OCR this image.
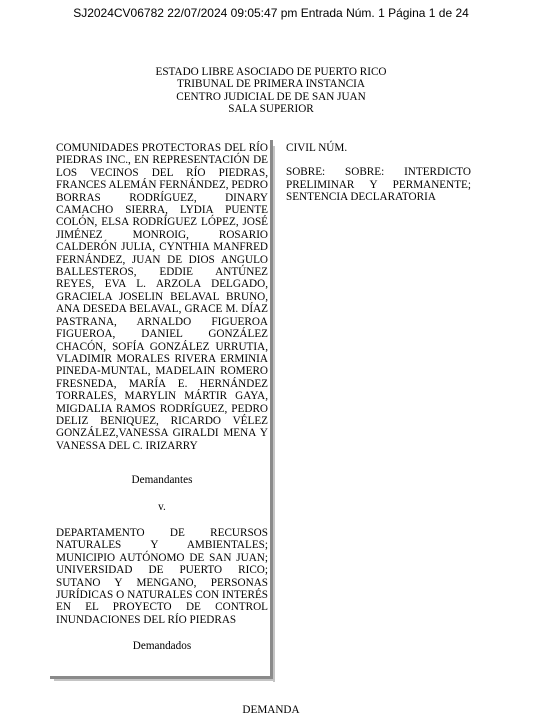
SJ2024CV06782 22/07/2024 09:05:47 pm Entrada Núm. 1 Página 1 de 24
ESTADO LIBRE ASOCIADO DE PUERTO RICO
TRIBUNAL DE PRIMERA INSTANCIA
CENTRO JUDICIAL DE DE SAN JUAN
SALA SUPERIOR

COMUNIDADES PROTECTORAS DEL RÍO PIEDRAS INC., EN REPRESENTACIÓN DE LOS VECINOS DEL RÍO PIEDRAS, FRANCES ALEMÁN FERNÁNDEZ, PEDRO BORRAS RODRÍGUEZ, DINARY CAMACHO SIERRA, LYDIA PUENTE COLÓN, ELSA RODRÍGUEZ LÓPEZ, JOSÉ JIMÉNEZ MONROIG, ROSARIO CALDERÓN JULIA, CYNTHIA MANFRED FERNÁNDEZ, JUAN DE DIOS ANGULO BALLESTEROS, EDDIE ANTÚNEZ REYES, EVA L. ARZOLA DELGADO, GRACIELA JOSELIN BELAVAL BRUNO, ANA DESEDA BELAVAL, GRACE M. DÍAZ PASTRANA, ARNALDO FIGUEROA FIGUEROA, DANIEL GONZÁLEZ CHACÓN, SOFÍA GONZÁLEZ URRUTIA, VLADIMIR MORALES RIVERA ERMINIA PINEDA-MUNTAL, MADELAIN ROMERO FRESNEDA, MARÍA E. HERNÁNDEZ TORRALES, MARYLIN MÁRTIR GAYA, MIGDALIA RAMOS RODRÍGUEZ, PEDRO DELIZ BENIQUEZ, RICARDO VÉLEZ GONZÁLEZ,VANESSA GIRALDI MENA Y VANESSA DEL C. IRIZARRY

Demandantes

v.

DEPARTAMENTO DE RECURSOS NATURALES Y AMBIENTALES; MUNICIPIO AUTÓNOMO DE SAN JUAN; UNIVERSIDAD DE PUERTO RICO; SUTANO Y MENGANO, PERSONAS JURÍDICAS O NATURALES CON INTERÉS EN EL PROYECTO DE CONTROL INUNDACIONES DEL RÍO PIEDRAS

Demandados

CIVIL NÚM.

SOBRE: SOBRE: INTERDICTO PRELIMINAR Y PERMANENTE; SENTENCIA DECLARATORIA

DEMANDA
